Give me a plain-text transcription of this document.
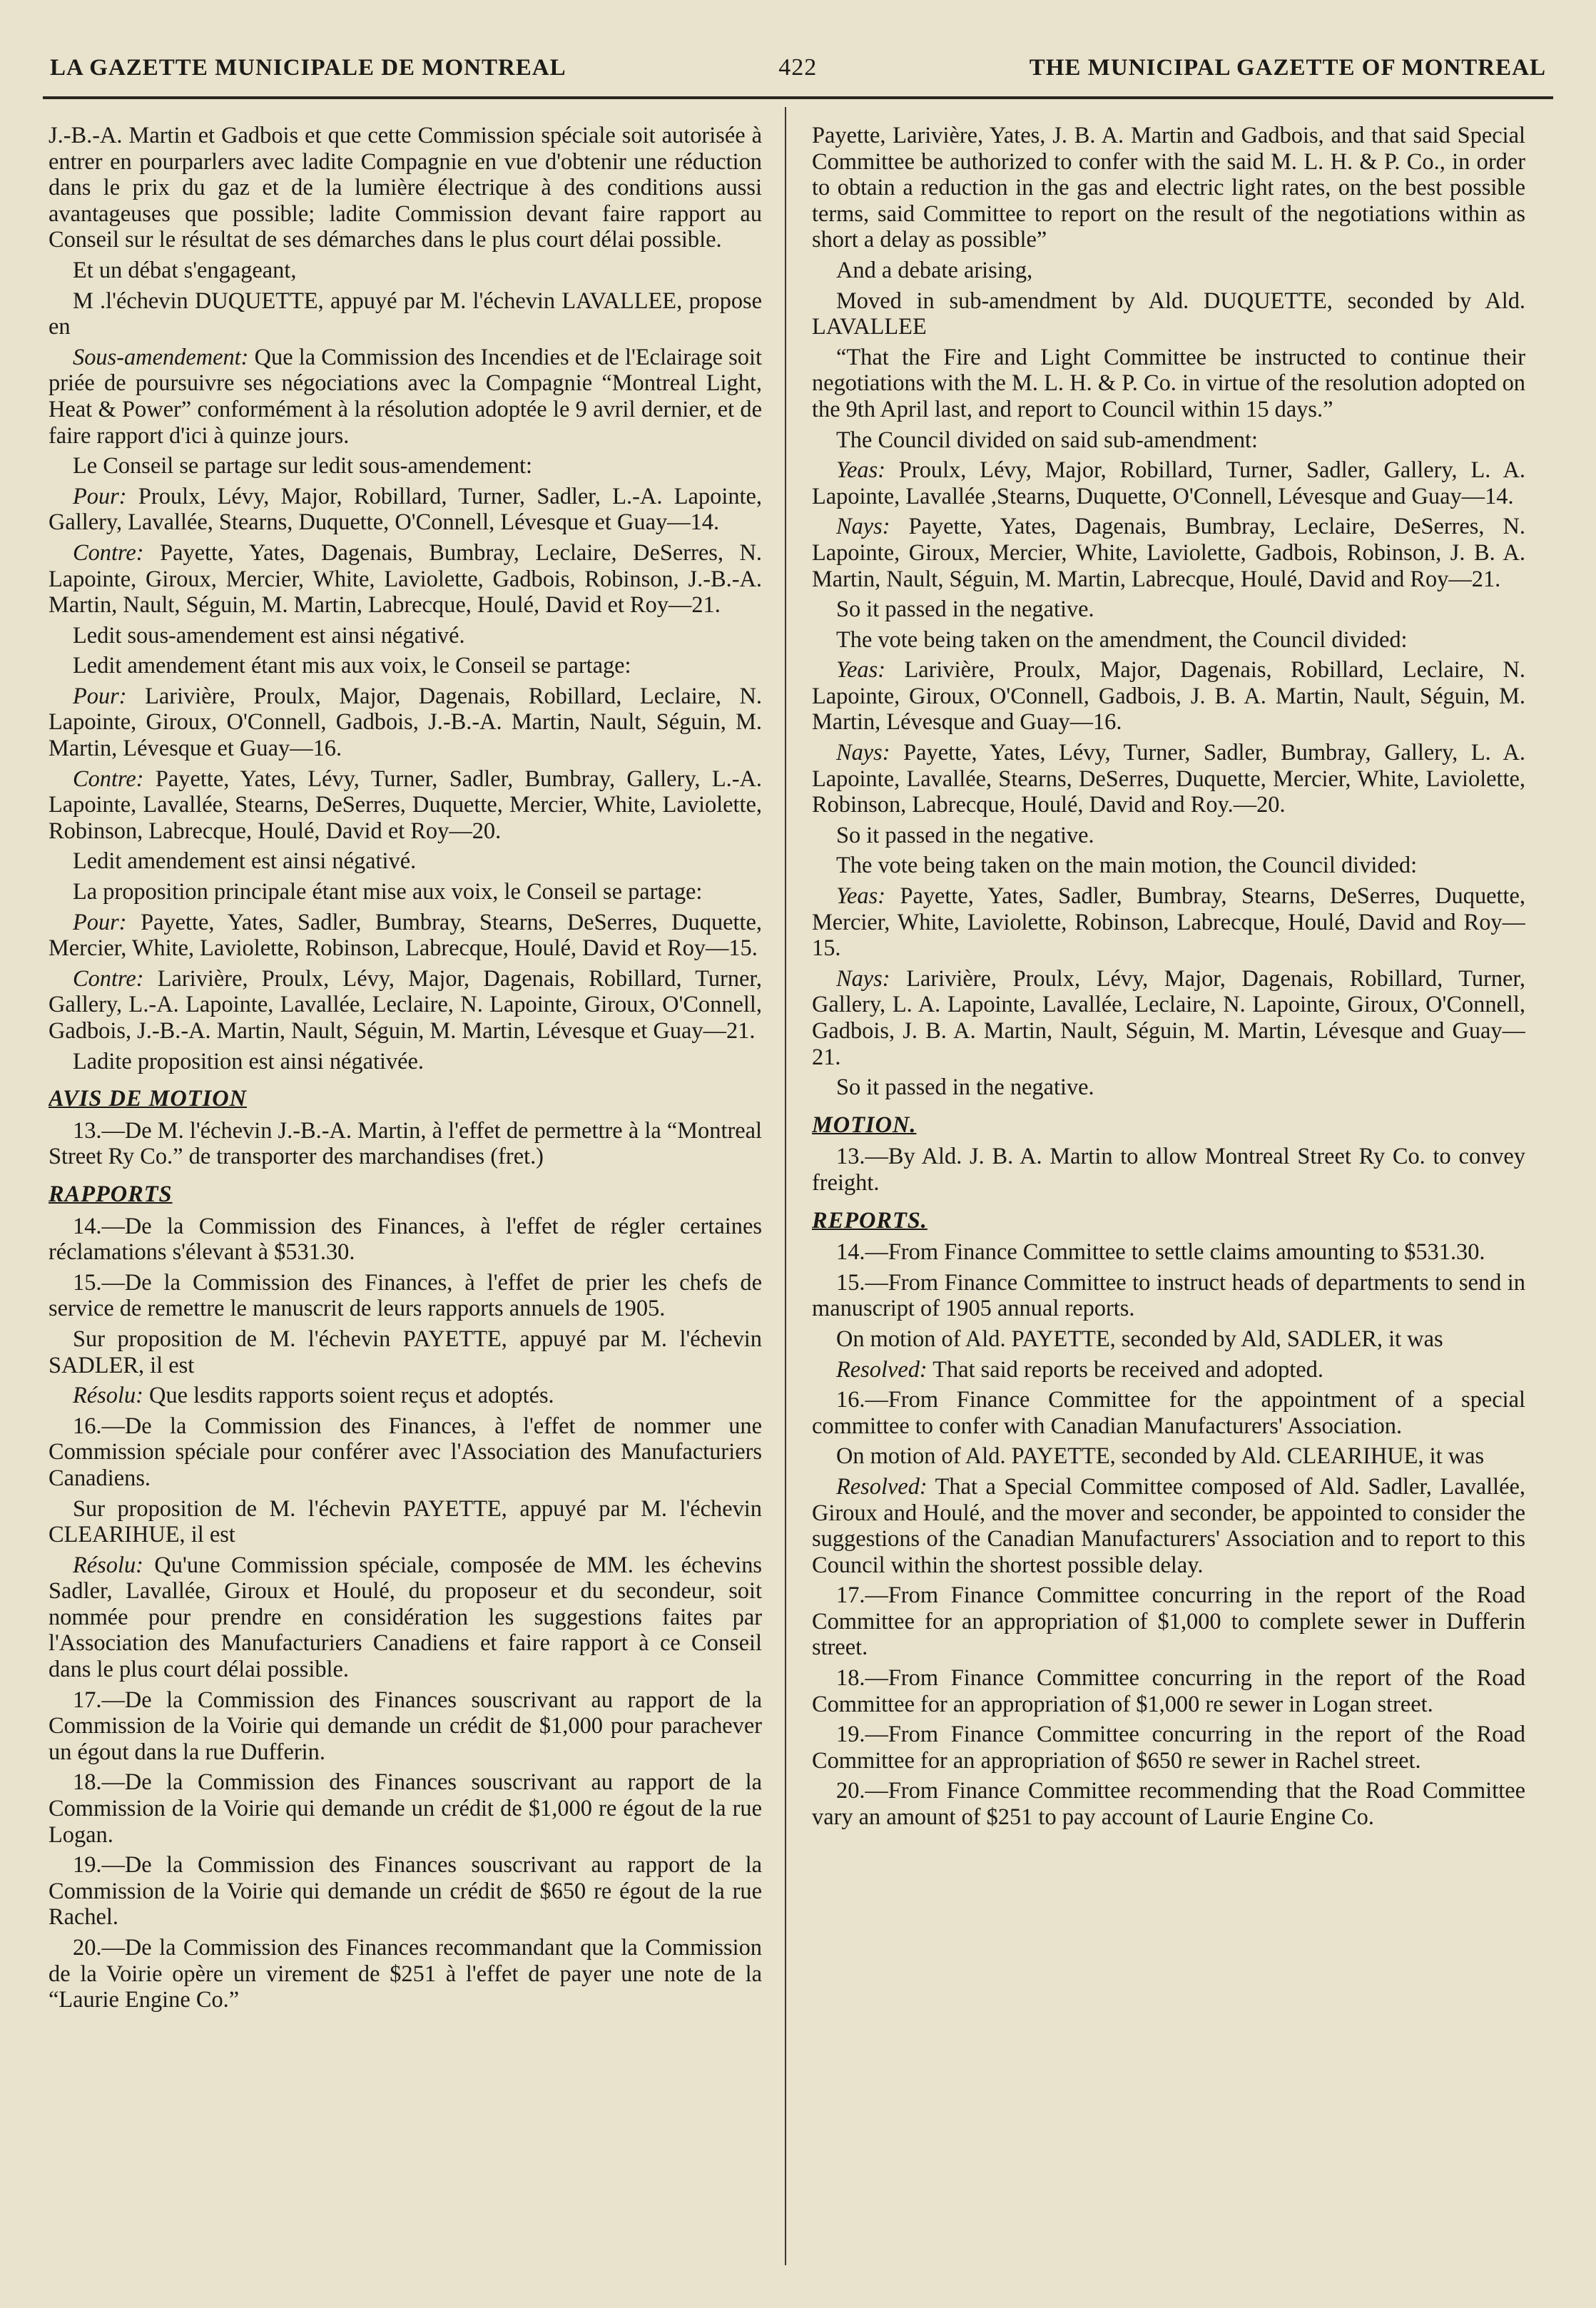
LA GAZETTE MUNICIPALE DE MONTREAL	422	THE MUNICIPAL GAZETTE OF MONTREAL

J.-B.-A. Martin et Gadbois et que cette Commission spéciale soit autorisée à entrer en pourparlers avec ladite Compagnie en vue d'obtenir une réduction dans le prix du gaz et de la lumière électrique à des conditions aussi avantageuses que possible; ladite Commission devant faire rapport au Conseil sur le résultat de ses démarches dans le plus court délai possible.

Et un débat s'engageant,

M .l'échevin DUQUETTE, appuyé par M. l'échevin LAVALLEE, propose en

Sous-amendement: Que la Commission des Incendies et de l'Eclairage soit priée de poursuivre ses négociations avec la Compagnie “Montreal Light, Heat & Power” conformément à la résolution adoptée le 9 avril dernier, et de faire rapport d'ici à quinze jours.

Le Conseil se partage sur ledit sous-amendement:

Pour: Proulx, Lévy, Major, Robillard, Turner, Sadler, L.-A. Lapointe, Gallery, Lavallée, Stearns, Duquette, O'Connell, Lévesque et Guay—14.

Contre: Payette, Yates, Dagenais, Bumbray, Leclaire, DeSerres, N. Lapointe, Giroux, Mercier, White, Laviolette, Gadbois, Robinson, J.-B.-A. Martin, Nault, Séguin, M. Martin, Labrecque, Houlé, David et Roy—21.

Ledit sous-amendement est ainsi négativé.

Ledit amendement étant mis aux voix, le Conseil se partage:

Pour: Larivière, Proulx, Major, Dagenais, Robillard, Leclaire, N. Lapointe, Giroux, O'Connell, Gadbois, J.-B.-A. Martin, Nault, Séguin, M. Martin, Lévesque et Guay—16.

Contre: Payette, Yates, Lévy, Turner, Sadler, Bumbray, Gallery, L.-A. Lapointe, Lavallée, Stearns, DeSerres, Duquette, Mercier, White, Laviolette, Robinson, Labrecque, Houlé, David et Roy—20.

Ledit amendement est ainsi négativé.

La proposition principale étant mise aux voix, le Conseil se partage:

Pour: Payette, Yates, Sadler, Bumbray, Stearns, DeSerres, Duquette, Mercier, White, Laviolette, Robinson, Labrecque, Houlé, David et Roy—15.

Contre: Larivière, Proulx, Lévy, Major, Dagenais, Robillard, Turner, Gallery, L.-A. Lapointe, Lavallée, Leclaire, N. Lapointe, Giroux, O'Connell, Gadbois, J.-B.-A. Martin, Nault, Séguin, M. Martin, Lévesque et Guay—21.

Ladite proposition est ainsi négativée.

AVIS DE MOTION

13.—De M. l'échevin J.-B.-A. Martin, à l'effet de permettre à la “Montreal Street Ry Co.” de transporter des marchandises (fret.)

RAPPORTS

14.—De la Commission des Finances, à l'effet de régler certaines réclamations s'élevant à $531.30.

15.—De la Commission des Finances, à l'effet de prier les chefs de service de remettre le manuscrit de leurs rapports annuels de 1905.

Sur proposition de M. l'échevin PAYETTE, appuyé par M. l'échevin SADLER, il est

Résolu: Que lesdits rapports soient reçus et adoptés.

16.—De la Commission des Finances, à l'effet de nommer une Commission spéciale pour conférer avec l'Association des Manufacturiers Canadiens.

Sur proposition de M. l'échevin PAYETTE, appuyé par M. l'échevin CLEARIHUE, il est

Résolu: Qu'une Commission spéciale, composée de MM. les échevins Sadler, Lavallée, Giroux et Houlé, du proposeur et du secondeur, soit nommée pour prendre en considération les suggestions faites par l'Association des Manufacturiers Canadiens et faire rapport à ce Conseil dans le plus court délai possible.

17.—De la Commission des Finances souscrivant au rapport de la Commission de la Voirie qui demande un crédit de $1,000 pour parachever un égout dans la rue Dufferin.

18.—De la Commission des Finances souscrivant au rapport de la Commission de la Voirie qui demande un crédit de $1,000 re égout de la rue Logan.

19.—De la Commission des Finances souscrivant au rapport de la Commission de la Voirie qui demande un crédit de $650 re égout de la rue Rachel.

20.—De la Commission des Finances recommandant que la Commission de la Voirie opère un virement de $251 à l'effet de payer une note de la “Laurie Engine Co.”

Payette, Larivière, Yates, J. B. A. Martin and Gadbois, and that said Special Committee be authorized to confer with the said M. L. H. & P. Co., in order to obtain a reduction in the gas and electric light rates, on the best possible terms, said Committee to report on the result of the negotiations within as short a delay as possible”

And a debate arising,

Moved in sub-amendment by Ald. DUQUETTE, seconded by Ald. LAVALLEE

“That the Fire and Light Committee be instructed to continue their negotiations with the M. L. H. & P. Co. in virtue of the resolution adopted on the 9th April last, and report to Council within 15 days.”

The Council divided on said sub-amendment:

Yeas: Proulx, Lévy, Major, Robillard, Turner, Sadler, Gallery, L. A. Lapointe, Lavallée ,Stearns, Duquette, O'Connell, Lévesque and Guay—14.

Nays: Payette, Yates, Dagenais, Bumbray, Leclaire, DeSerres, N. Lapointe, Giroux, Mercier, White, Laviolette, Gadbois, Robinson, J. B. A. Martin, Nault, Séguin, M. Martin, Labrecque, Houlé, David and Roy—21.

So it passed in the negative.

The vote being taken on the amendment, the Council divided:

Yeas: Larivière, Proulx, Major, Dagenais, Robillard, Leclaire, N. Lapointe, Giroux, O'Connell, Gadbois, J. B. A. Martin, Nault, Séguin, M. Martin, Lévesque and Guay—16.

Nays: Payette, Yates, Lévy, Turner, Sadler, Bumbray, Gallery, L. A. Lapointe, Lavallée, Stearns, DeSerres, Duquette, Mercier, White, Laviolette, Robinson, Labrecque, Houlé, David and Roy.—20.

So it passed in the negative.

The vote being taken on the main motion, the Council divided:

Yeas: Payette, Yates, Sadler, Bumbray, Stearns, DeSerres, Duquette, Mercier, White, Laviolette, Robinson, Labrecque, Houlé, David and Roy—15.

Nays: Larivière, Proulx, Lévy, Major, Dagenais, Robillard, Turner, Gallery, L. A. Lapointe, Lavallée, Leclaire, N. Lapointe, Giroux, O'Connell, Gadbois, J. B. A. Martin, Nault, Séguin, M. Martin, Lévesque and Guay—21.

So it passed in the negative.

MOTION.

13.—By Ald. J. B. A. Martin to allow Montreal Street Ry Co. to convey freight.

REPORTS.

14.—From Finance Committee to settle claims amounting to $531.30.

15.—From Finance Committee to instruct heads of departments to send in manuscript of 1905 annual reports.

On motion of Ald. PAYETTE, seconded by Ald, SADLER, it was

Resolved: That said reports be received and adopted.

16.—From Finance Committee for the appointment of a special committee to confer with Canadian Manufacturers' Association.

On motion of Ald. PAYETTE, seconded by Ald. CLEARIHUE, it was

Resolved: That a Special Committee composed of Ald. Sadler, Lavallée, Giroux and Houlé, and the mover and seconder, be appointed to consider the suggestions of the Canadian Manufacturers' Association and to report to this Council within the shortest possible delay.

17.—From Finance Committee concurring in the report of the Road Committee for an appropriation of $1,000 to complete sewer in Dufferin street.

18.—From Finance Committee concurring in the report of the Road Committee for an appropriation of $1,000 re sewer in Logan street.

19.—From Finance Committee concurring in the report of the Road Committee for an appropriation of $650 re sewer in Rachel street.

20.—From Finance Committee recommending that the Road Committee vary an amount of $251 to pay account of Laurie Engine Co.
